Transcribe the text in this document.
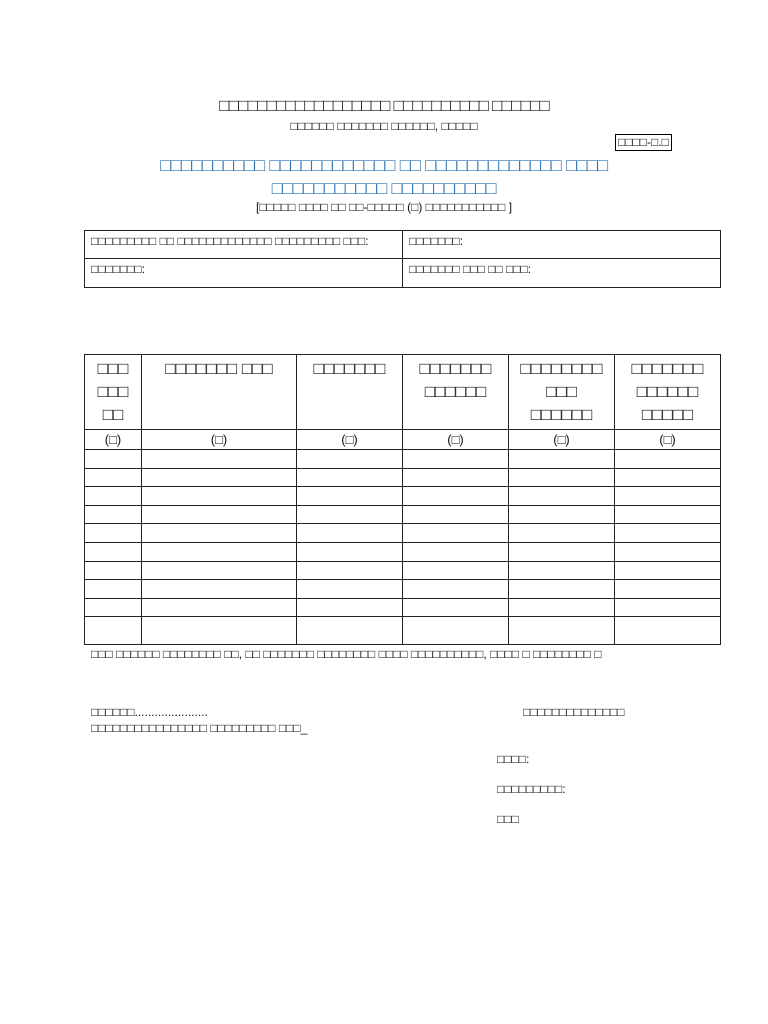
□□□□□□□□□□□□□□□□□□ □□□□□□□□□□ □□□□□□
□□□□□□ □□□□□□□ □□□□□□, □□□□□
□□□□-□.□
□□□□□□□□□□ □□□□□□□□□□□□ □□ □□□□□□□□□□□□□ □□□□
□□□□□□□□□□□ □□□□□□□□□□
[□□□□□ □□□□ □□ □□-□□□□□ (□) □□□□□□□□□□□ ]
□□□□□□□□□ □□ □□□□□□□□□□□□□ □□□□□□□□□ □□□:	□□□□□□□:
□□□□□□□:	□□□□□□□ □□□ □□ □□□:
□□□ □□□ □□	□□□□□□□ □□□	□□□□□□□	□□□□□□□ □□□□□□	□□□□□□□□ □□□ □□□□□□	□□□□□□□ □□□□□□ □□□□□
(□)	(□)	(□)	(□)	(□)	(□)

□□□ □□□□□□ □□□□□□□□ □□, □□ □□□□□□□ □□□□□□□□ □□□□ □□□□□□□□□□, □□□□ □ □□□□□□□□ □
□□□□□□......................
□□□□□□□□□□□□□□□□ □□□□□□□□□ □□□_
□□□□□□□□□□□□□□
□□□□:
□□□□□□□□□:
□□□
